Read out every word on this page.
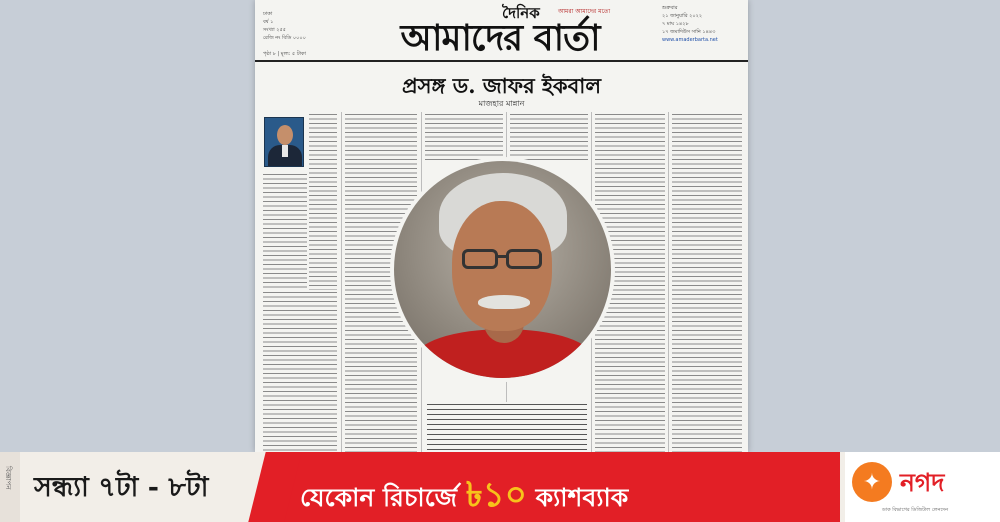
ঢাকা
বর্ষ ১
সংখ্যা ২৫৫
রেজি নং বিডি ০০০০
পৃষ্ঠা ৮ | মূল্য: ৫ টাকা
দৈনিক	আমরা আমাদের মতো
আমাদের বার্তা
শুক্রবার
২১ জানুয়ারি ২০২২
৭ মাঘ ১৪২৮
১৭ জমাদিউস সানি ১৪৪৩
www.amaderbarta.net
প্রসঙ্গ ড. জাফর ইকবাল
মাজহার মান্নান
বিজ্ঞাপন সন্ধ্যা ৭টা - ৮টা	যেকোন রিচার্জে ৳১০ ক্যাশব্যাক
✦ নগদ
ডাক বিভাগের ডিজিটাল লেনদেন
